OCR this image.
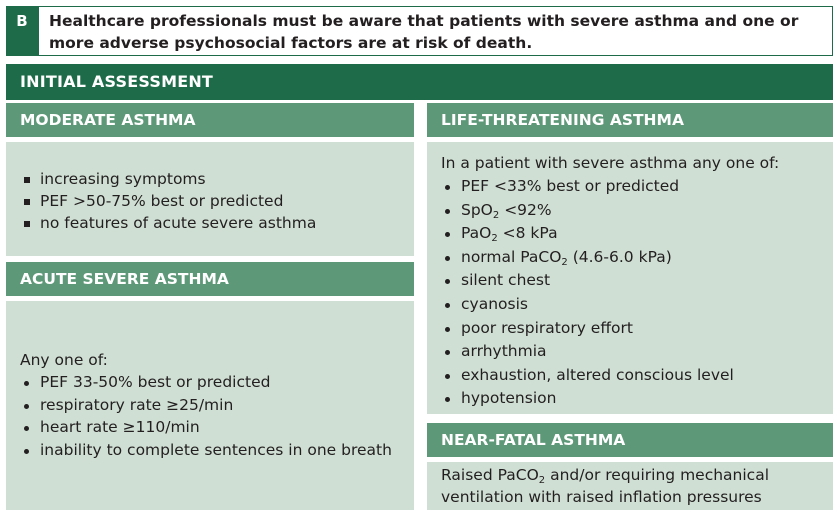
B	Healthcare professionals must be aware that patients with severe asthma and one or more adverse psychosocial factors are at risk of death.
INITIAL ASSESSMENT
MODERATE ASTHMA
increasing symptoms
PEF >50-75% best or predicted
no features of acute severe asthma
ACUTE SEVERE ASTHMA
Any one of:
PEF 33-50% best or predicted
respiratory rate ≥25/min
heart rate ≥110/min
inability to complete sentences in one breath
LIFE-THREATENING ASTHMA
In a patient with severe asthma any one of:
PEF <33% best or predicted
SpO$_2$ <92%
PaO$_2$ <8 kPa
normal PaCO$_2$ (4.6-6.0 kPa)
silent chest
cyanosis
poor respiratory effort
arrhythmia
exhaustion, altered conscious level
hypotension
NEAR-FATAL ASTHMA
Raised PaCO$_2$ and/or requiring mechanical
ventilation with raised inflation pressures
